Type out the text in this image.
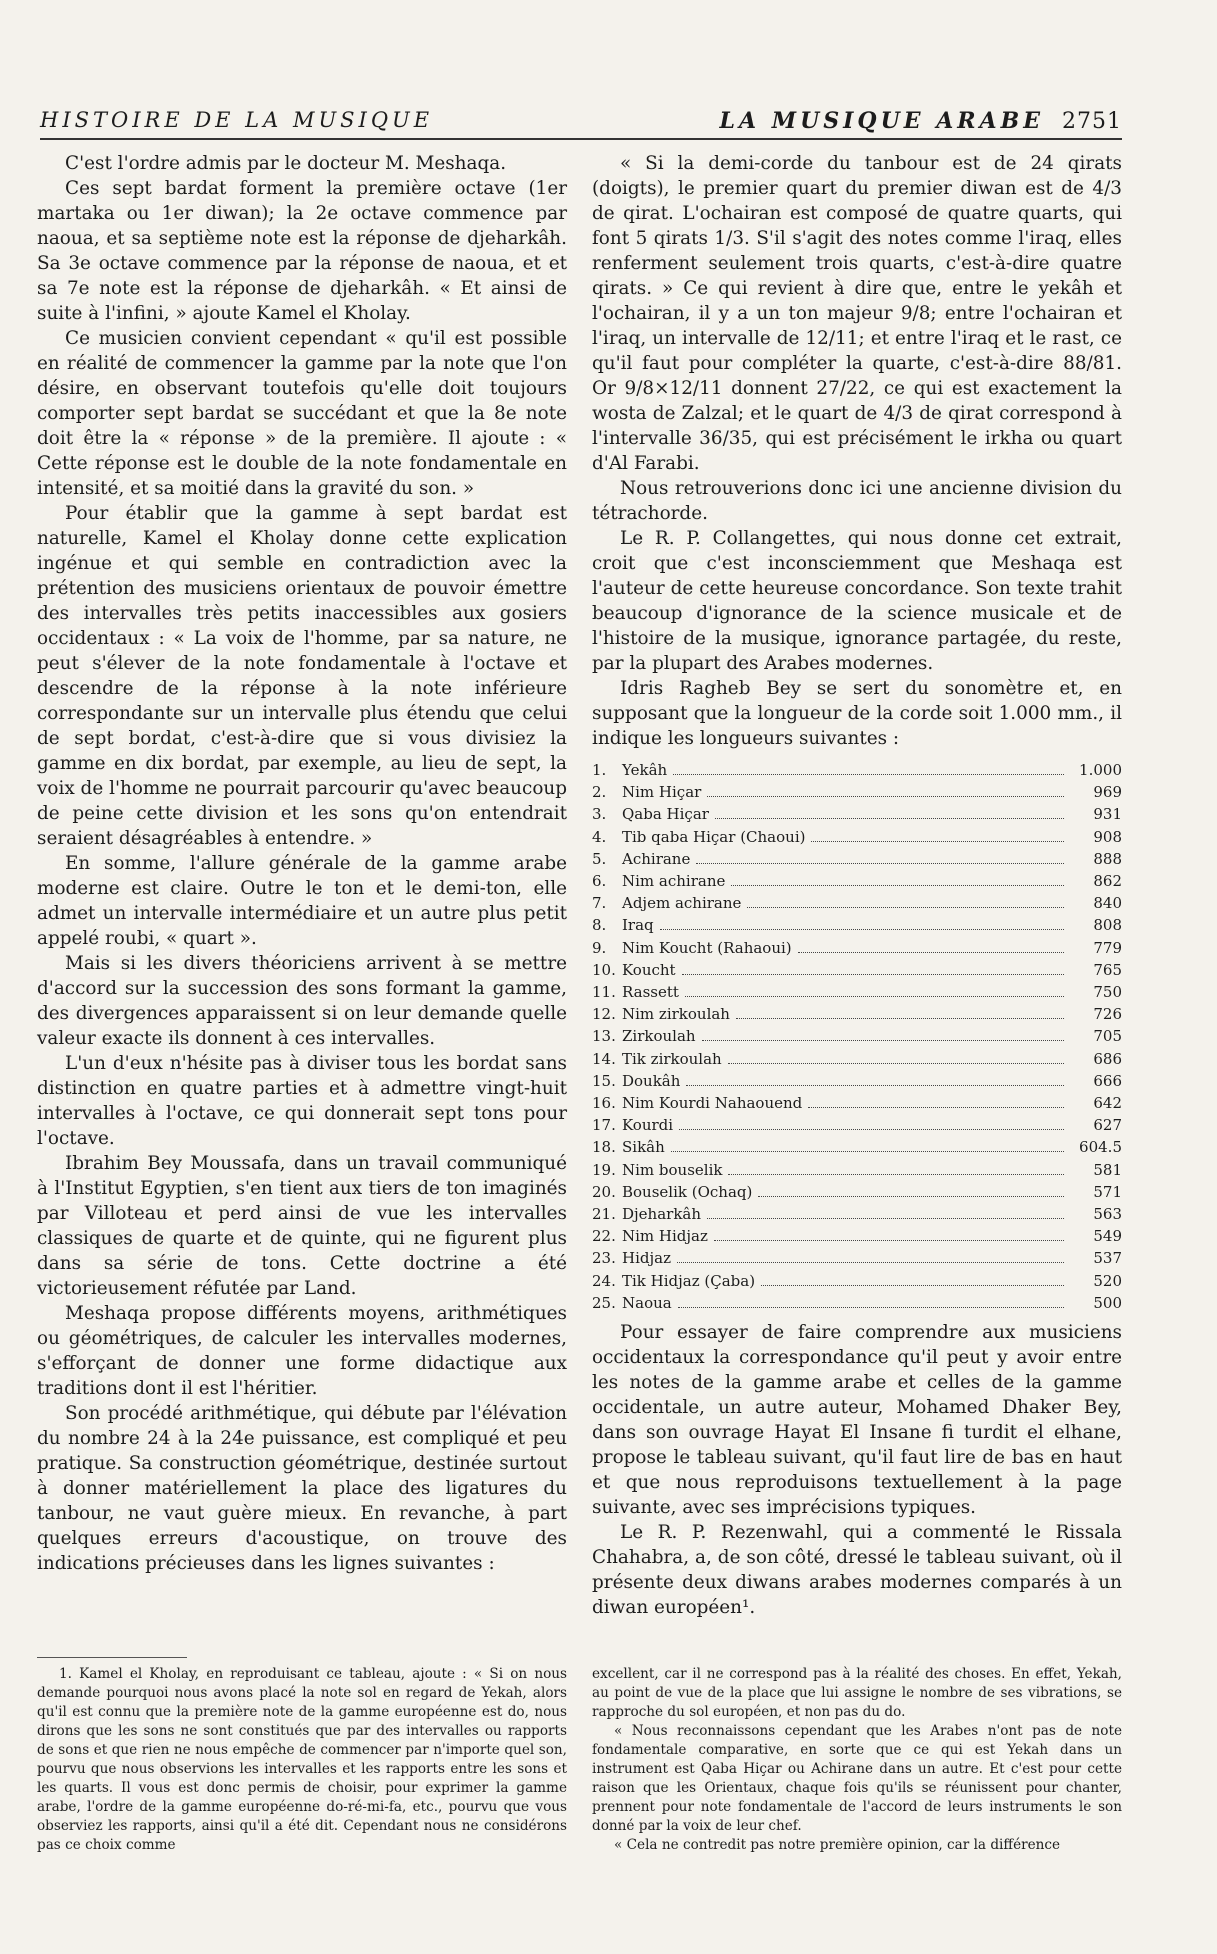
HISTOIRE DE LA MUSIQUE	LA MUSIQUE ARABE 2751

C'est l'ordre admis par le docteur M. Meshaqa.

Ces sept bardat forment la première octave (1er martaka ou 1er diwan); la 2e octave commence par naoua, et sa septième note est la réponse de djeharkâh. Sa 3e octave commence par la réponse de naoua, et et sa 7e note est la réponse de djeharkâh. « Et ainsi de suite à l'infini, » ajoute Kamel el Kholay.

Ce musicien convient cependant « qu'il est possible en réalité de commencer la gamme par la note que l'on désire, en observant toutefois qu'elle doit toujours comporter sept bardat se succédant et que la 8e note doit être la « réponse » de la première. Il ajoute : « Cette réponse est le double de la note fondamentale en intensité, et sa moitié dans la gravité du son. »

Pour établir que la gamme à sept bardat est naturelle, Kamel el Kholay donne cette explication ingénue et qui semble en contradiction avec la prétention des musiciens orientaux de pouvoir émettre des intervalles très petits inaccessibles aux gosiers occidentaux : « La voix de l'homme, par sa nature, ne peut s'élever de la note fondamentale à l'octave et descendre de la réponse à la note inférieure correspondante sur un intervalle plus étendu que celui de sept bordat, c'est-à-dire que si vous divisiez la gamme en dix bordat, par exemple, au lieu de sept, la voix de l'homme ne pourrait parcourir qu'avec beaucoup de peine cette division et les sons qu'on entendrait seraient désagréables à entendre. »

En somme, l'allure générale de la gamme arabe moderne est claire. Outre le ton et le demi-ton, elle admet un intervalle intermédiaire et un autre plus petit appelé roubi, « quart ».

Mais si les divers théoriciens arrivent à se mettre d'accord sur la succession des sons formant la gamme, des divergences apparaissent si on leur demande quelle valeur exacte ils donnent à ces intervalles.

L'un d'eux n'hésite pas à diviser tous les bordat sans distinction en quatre parties et à admettre vingt-huit intervalles à l'octave, ce qui donnerait sept tons pour l'octave.

Ibrahim Bey Moussafa, dans un travail communiqué à l'Institut Egyptien, s'en tient aux tiers de ton imaginés par Villoteau et perd ainsi de vue les intervalles classiques de quarte et de quinte, qui ne figurent plus dans sa série de tons. Cette doctrine a été victorieusement réfutée par Land.

Meshaqa propose différents moyens, arithmétiques ou géométriques, de calculer les intervalles modernes, s'efforçant de donner une forme didactique aux traditions dont il est l'héritier.

Son procédé arithmétique, qui débute par l'élévation du nombre 24 à la 24e puissance, est compliqué et peu pratique. Sa construction géométrique, destinée surtout à donner matériellement la place des ligatures du tanbour, ne vaut guère mieux. En revanche, à part quelques erreurs d'acoustique, on trouve des indications précieuses dans les lignes suivantes :

« Si la demi-corde du tanbour est de 24 qirats (doigts), le premier quart du premier diwan est de 4/3 de qirat. L'ochairan est composé de quatre quarts, qui font 5 qirats 1/3. S'il s'agit des notes comme l'iraq, elles renferment seulement trois quarts, c'est-à-dire quatre qirats. » Ce qui revient à dire que, entre le yekâh et l'ochairan, il y a un ton majeur 9/8; entre l'ochairan et l'iraq, un intervalle de 12/11; et entre l'iraq et le rast, ce qu'il faut pour compléter la quarte, c'est-à-dire 88/81. Or 9/8×12/11 donnent 27/22, ce qui est exactement la wosta de Zalzal; et le quart de 4/3 de qirat correspond à l'intervalle 36/35, qui est précisément le irkha ou quart d'Al Farabi.

Nous retrouverions donc ici une ancienne division du tétrachorde.

Le R. P. Collangettes, qui nous donne cet extrait, croit que c'est inconsciemment que Meshaqa est l'auteur de cette heureuse concordance. Son texte trahit beaucoup d'ignorance de la science musicale et de l'histoire de la musique, ignorance partagée, du reste, par la plupart des Arabes modernes.

Idris Ragheb Bey se sert du sonomètre et, en supposant que la longueur de la corde soit 1.000 mm., il indique les longueurs suivantes :

1.	Yekâh	1.000
2.	Nim Hiçar	969
3.	Qaba Hiçar	931
4.	Tib qaba Hiçar (Chaoui)	908
5.	Achirane	888
6.	Nim achirane	862
7.	Adjem achirane	840
8.	Iraq	808
9.	Nim Koucht (Rahaoui)	779
10. Koucht	765
11. Rassett	750
12. Nim zirkoulah	726
13. Zirkoulah	705
14. Tik zirkoulah	686
15. Doukâh	666
16. Nim Kourdi Nahaouend	642
17. Kourdi	627
18. Sikâh	604.5
19. Nim bouselik	581
20. Bouselik (Ochaq)	571
21. Djeharkâh	563
22. Nim Hidjaz	549
23. Hidjaz	537
24. Tik Hidjaz (Çaba)	520
25. Naoua	500

Pour essayer de faire comprendre aux musiciens occidentaux la correspondance qu'il peut y avoir entre les notes de la gamme arabe et celles de la gamme occidentale, un autre auteur, Mohamed Dhaker Bey, dans son ouvrage Hayat El Insane fi turdit el elhane, propose le tableau suivant, qu'il faut lire de bas en haut et que nous reproduisons textuellement à la page suivante, avec ses imprécisions typiques.

Le R. P. Rezenwahl, qui a commenté le Rissala Chahabra, a, de son côté, dressé le tableau suivant, où il présente deux diwans arabes modernes comparés à un diwan européen¹.

1. Kamel el Kholay, en reproduisant ce tableau, ajoute : « Si on nous demande pourquoi nous avons placé la note sol en regard de Yekah, alors qu'il est connu que la première note de la gamme européenne est do, nous dirons que les sons ne sont constitués que par des intervalles ou rapports de sons et que rien ne nous empêche de commencer par n'importe quel son, pourvu que nous observions les intervalles et les rapports entre les sons et les quarts. Il vous est donc permis de choisir, pour exprimer la gamme arabe, l'ordre de la gamme européenne do-ré-mi-fa, etc., pourvu que vous observiez les rapports, ainsi qu'il a été dit. Cependant nous ne considérons pas ce choix comme

excellent, car il ne correspond pas à la réalité des choses. En effet, Yekah, au point de vue de la place que lui assigne le nombre de ses vibrations, se rapproche du sol européen, et non pas du do.

« Nous reconnaissons cependant que les Arabes n'ont pas de note fondamentale comparative, en sorte que ce qui est Yekah dans un instrument est Qaba Hiçar ou Achirane dans un autre. Et c'est pour cette raison que les Orientaux, chaque fois qu'ils se réunissent pour chanter, prennent pour note fondamentale de l'accord de leurs instruments le son donné par la voix de leur chef.

« Cela ne contredit pas notre première opinion, car la différence
